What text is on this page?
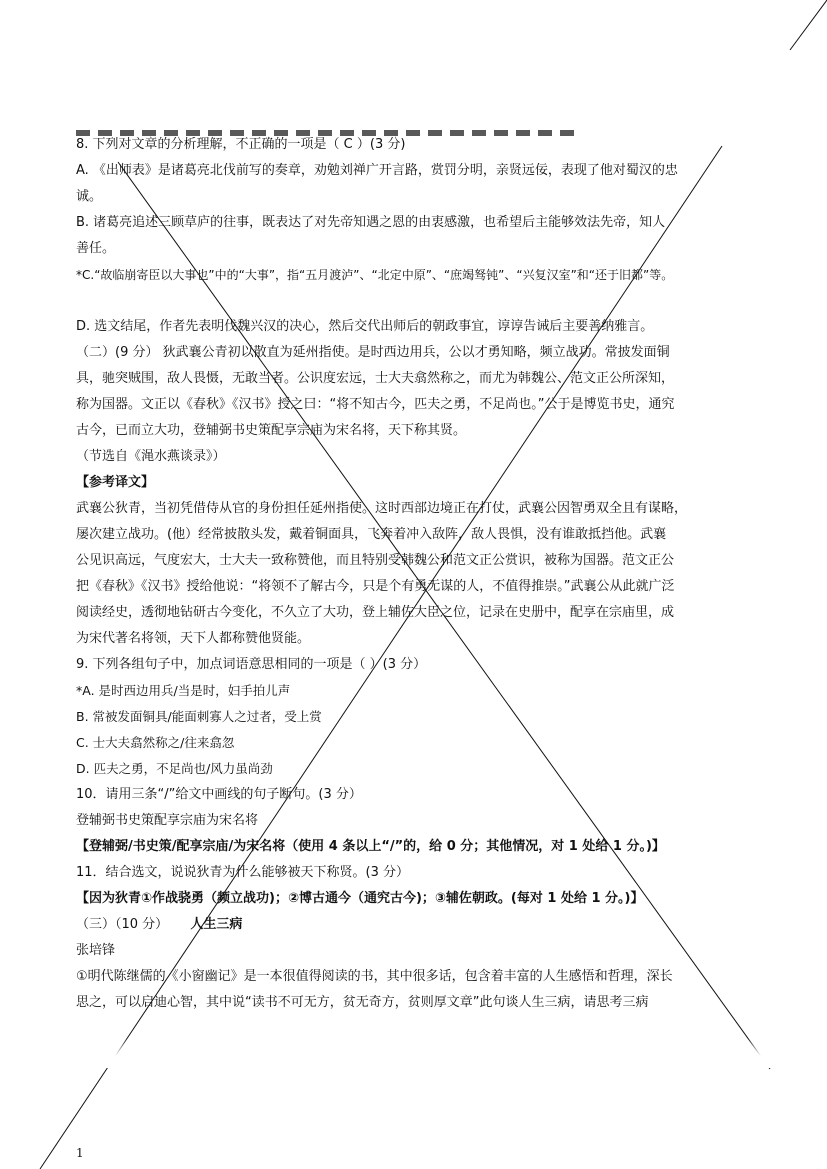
8. 下列对文章的分析理解，不正确的一项是（ C ）(3 分)

A. 《出师表》是诸葛亮北伐前写的奏章，劝勉刘禅广开言路，赏罚分明，亲贤远佞，表现了他对蜀汉的忠

诚。

B. 诸葛亮追述三顾草庐的往事，既表达了对先帝知遇之恩的由衷感激，也希望后主能够效法先帝，知人

善任。

*C.“故临崩寄臣以大事也”中的“大事”，指“五月渡泸”、“北定中原”、“庶竭驽钝”、“兴复汉室”和“还于旧都”等。

D. 选文结尾，作者先表明伐魏兴汉的决心，然后交代出师后的朝政事宜，谆谆告诫后主要善纳雅言。

（二）(9 分） 狄武襄公青初以散直为延州指使。是时西边用兵，公以才勇知略，频立战功。常披发面铜

具，驰突贼围，敌人畏慑，无敢当者。公识度宏远，士大夫翕然称之，而尤为韩魏公、范文正公所深知，

称为国器。文正以《春秋》《汉书》授之曰：“将不知古今，匹夫之勇，不足尚也。”公于是博览书史，通究

古今，已而立大功，登辅弼书史策配享宗庙为宋名将，天下称其贤。

（节选自《渑水燕谈录》）

【参考译文】

武襄公狄青，当初凭借侍从官的身份担任延州指使。这时西部边境正在打仗，武襄公因智勇双全且有谋略，

屡次建立战功。(他）经常披散头发，戴着铜面具，飞奔着冲入敌阵，敌人畏惧，没有谁敢抵挡他。武襄

公见识高远，气度宏大，士大夫一致称赞他，而且特别受韩魏公和范文正公赏识，被称为国器。范文正公

把《春秋》《汉书》授给他说：“将领不了解古今，只是个有勇无谋的人，不值得推崇。”武襄公从此就广泛

阅读经史，透彻地钻研古今变化，不久立了大功，登上辅佐大臣之位，记录在史册中，配享在宗庙里，成

为宋代著名将领，天下人都称赞他贤能。

9. 下列各组句子中，加点词语意思相同的一项是（ ）(3 分）

*A. 是时西边用兵/当是时，妇手拍儿声

B. 常被发面铜具/能面刺寡人之过者，受上赏

C. 士大夫翕然称之/往来翕忽

D. 匹夫之勇，不足尚也/风力虽尚劲

10．请用三条“/”给文中画线的句子断句。(3 分）

登辅弼书史策配享宗庙为宋名将

【登辅弼/书史策/配享宗庙/为宋名将（使用 4 条以上“/”的，给 0 分；其他情况，对 1 处给 1 分。)】

11．结合选文，说说狄青为什么能够被天下称贤。(3 分）

【因为狄青①作战骁勇（频立战功)；②博古通今（通究古今)；③辅佐朝政。(每对 1 处给 1 分。)】

（三）（10 分） 人生三病

张培锋

①明代陈继儒的《小窗幽记》是一本很值得阅读的书，其中很多话，包含着丰富的人生感悟和哲理，深长

思之，可以启迪心智，其中说“读书不可无方，贫无奇方，贫则厚文章”此句谈人生三病，请思考三病

1
